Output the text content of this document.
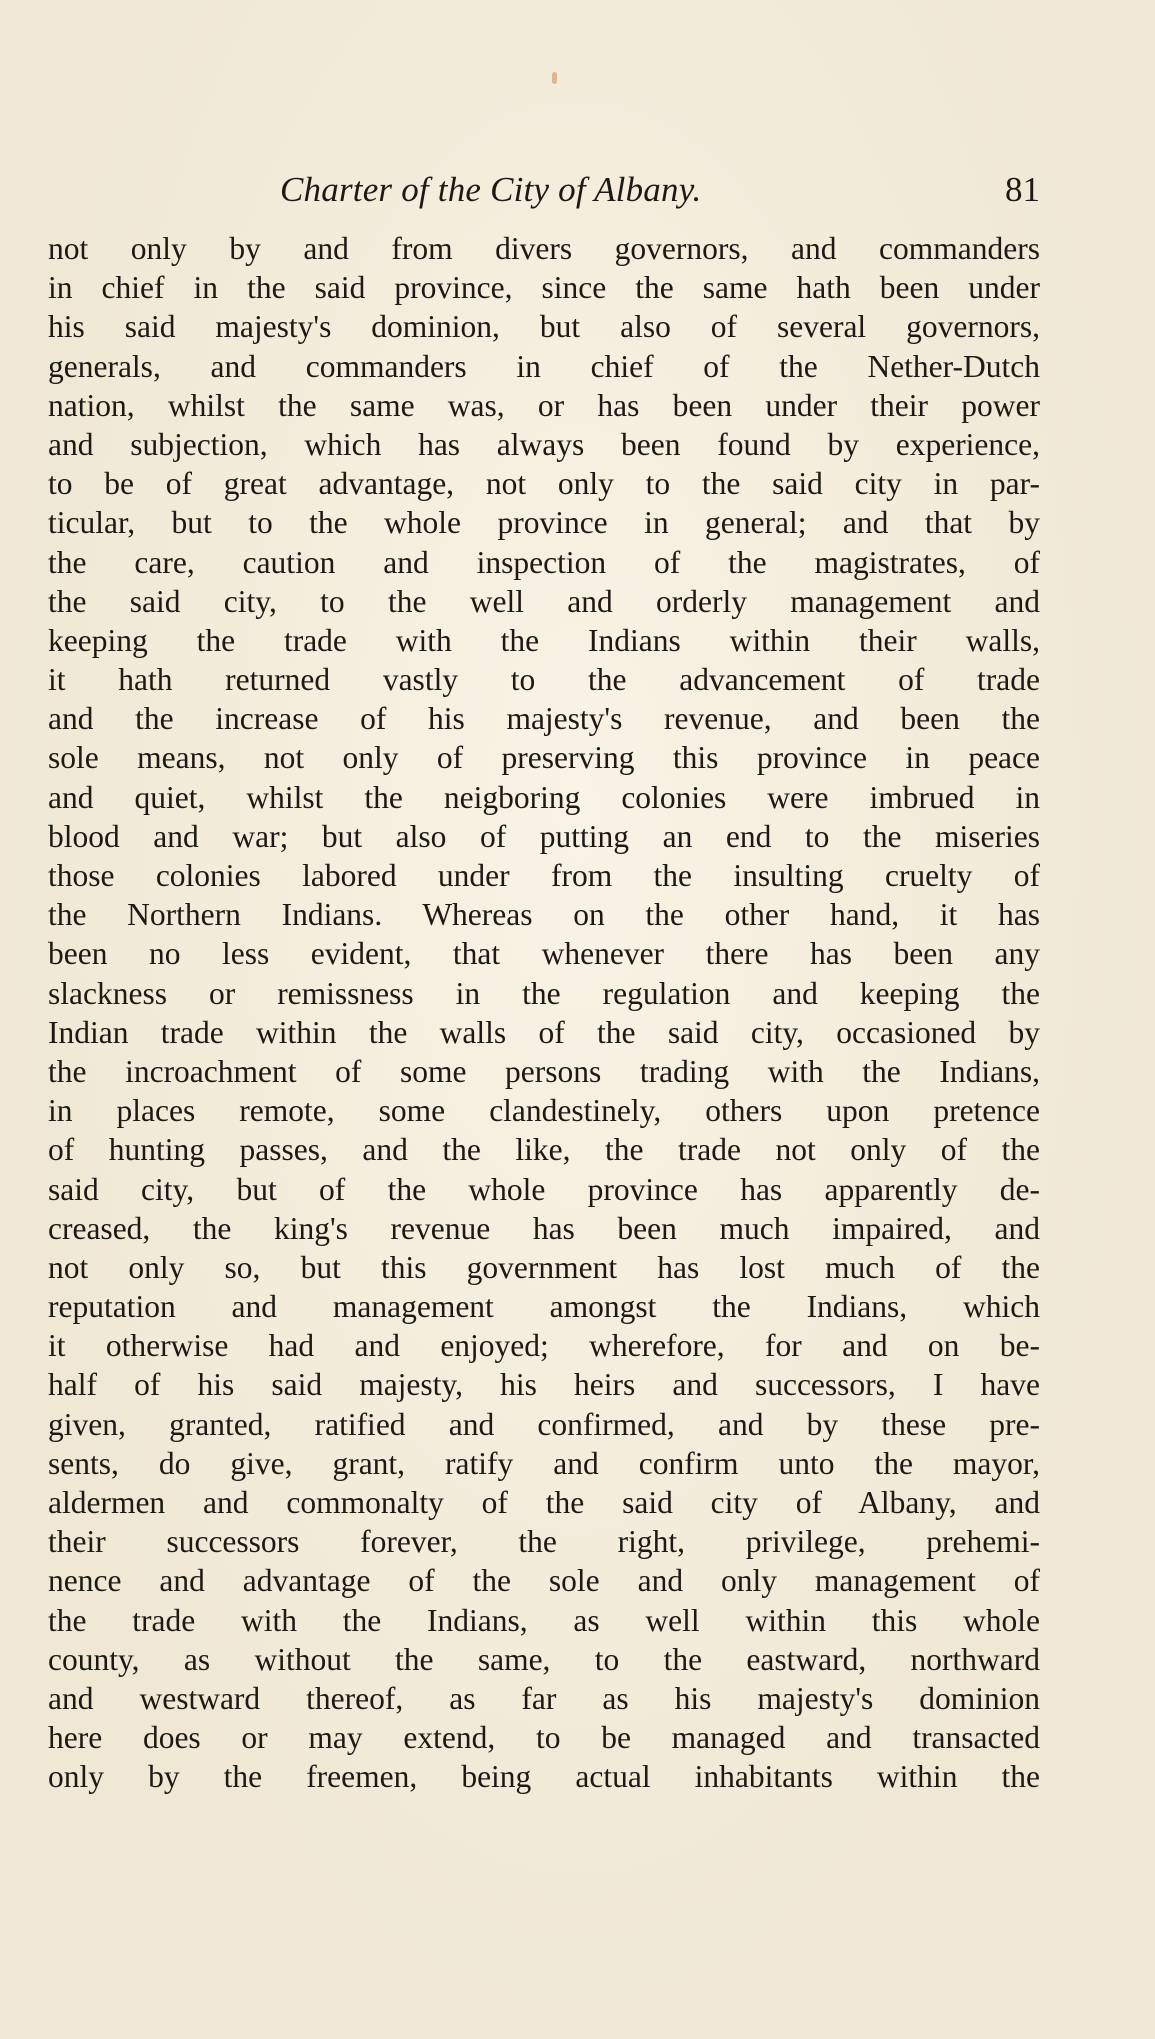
Charter of the City of Albany.	81
not only by and from divers governors, and commanders
in chief in the said province, since the same hath been under
his said majesty's dominion, but also of several governors,
generals, and commanders in chief of the Nether-Dutch
nation, whilst the same was, or has been under their power
and subjection, which has always been found by experience,
to be of great advantage, not only to the said city in par-
ticular, but to the whole province in general; and that by
the care, caution and inspection of the magistrates, of
the said city, to the well and orderly management and
keeping the trade with the Indians within their walls,
it hath returned vastly to the advancement of trade
and the increase of his majesty's revenue, and been the
sole means, not only of preserving this province in peace
and quiet, whilst the neigboring colonies were imbrued in
blood and war; but also of putting an end to the miseries
those colonies labored under from the insulting cruelty of
the Northern Indians. Whereas on the other hand, it has
been no less evident, that whenever there has been any
slackness or remissness in the regulation and keeping the
Indian trade within the walls of the said city, occasioned by
the incroachment of some persons trading with the Indians,
in places remote, some clandestinely, others upon pretence
of hunting passes, and the like, the trade not only of the
said city, but of the whole province has apparently de-
creased, the king's revenue has been much impaired, and
not only so, but this government has lost much of the
reputation and management amongst the Indians, which
it otherwise had and enjoyed; wherefore, for and on be-
half of his said majesty, his heirs and successors, I have
given, granted, ratified and confirmed, and by these pre-
sents, do give, grant, ratify and confirm unto the mayor,
aldermen and commonalty of the said city of Albany, and
their successors forever, the right, privilege, prehemi-
nence and advantage of the sole and only management of
the trade with the Indians, as well within this whole
county, as without the same, to the eastward, northward
and westward thereof, as far as his majesty's dominion
here does or may extend, to be managed and transacted
only by the freemen, being actual inhabitants within the
